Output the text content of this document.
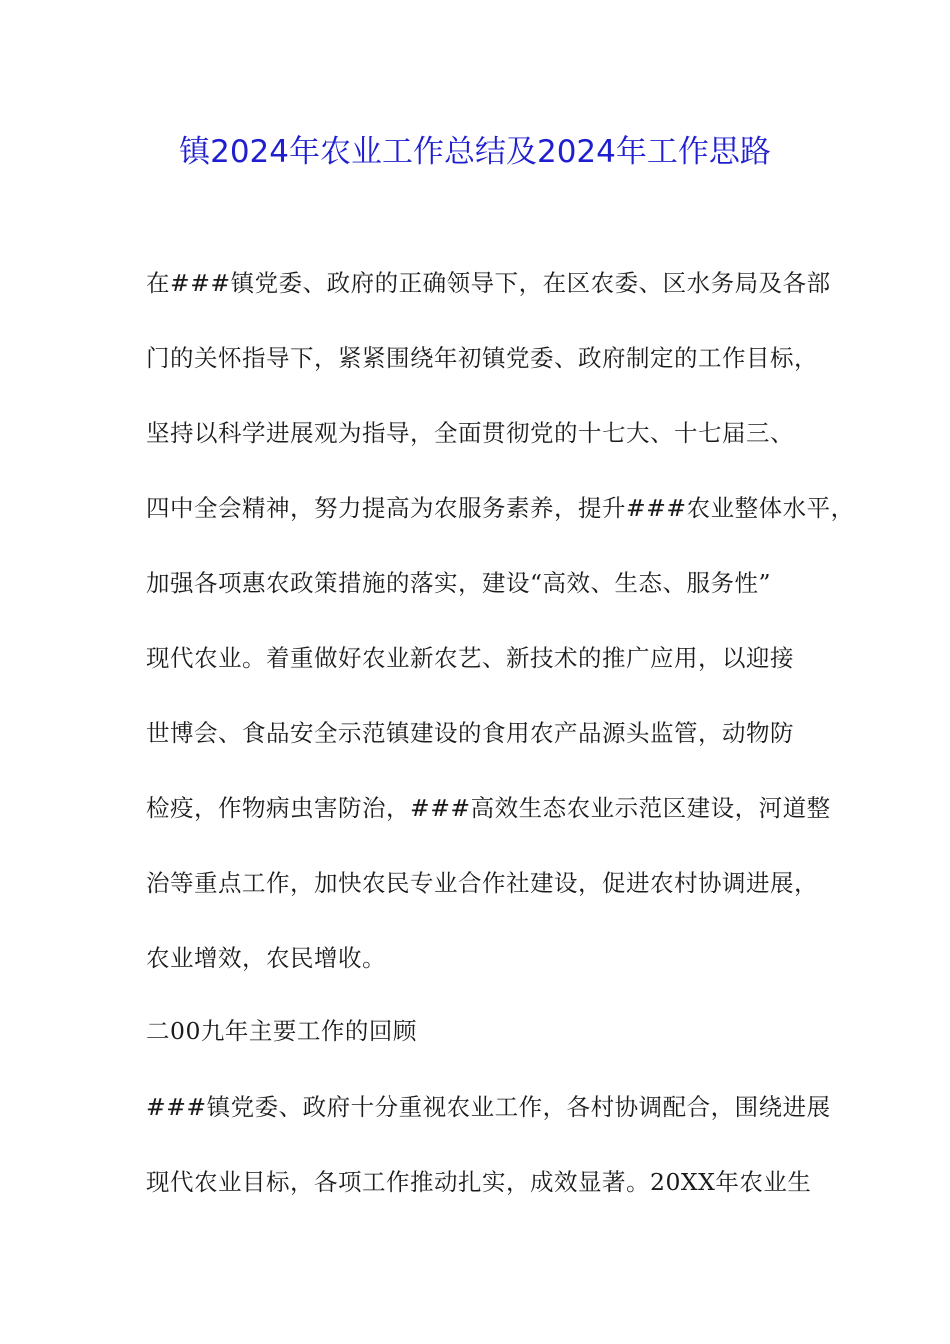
镇2024年农业工作总结及2024年工作思路
在###镇党委、政府的正确领导下，在区农委、区水务局及各部
门的关怀指导下，紧紧围绕年初镇党委、政府制定的工作目标，
坚持以科学进展观为指导，全面贯彻党的十七大、十七届三、
四中全会精神，努力提高为农服务素养，提升###农业整体水平，
加强各项惠农政策措施的落实，建设“高效、生态、服务性”
现代农业。着重做好农业新农艺、新技术的推广应用，以迎接
世博会、食品安全示范镇建设的食用农产品源头监管，动物防
检疫，作物病虫害防治，###高效生态农业示范区建设，河道整
治等重点工作，加快农民专业合作社建设，促进农村协调进展，
农业增效，农民增收。
二00九年主要工作的回顾
###镇党委、政府十分重视农业工作，各村协调配合，围绕进展
现代农业目标，各项工作推动扎实，成效显著。20XX年农业生
